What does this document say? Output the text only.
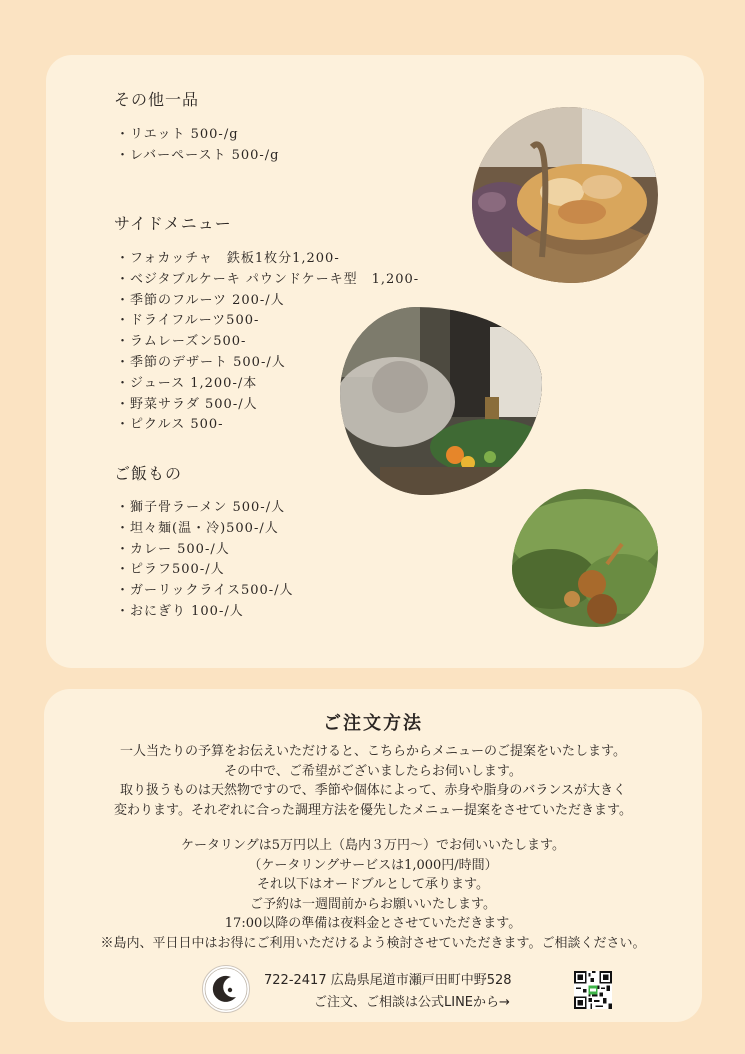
その他一品
・リエット 500-/g
・レバーペースト 500-/g
サイドメニュー
・フォカッチャ　鉄板1枚分1,200-
・ベジタブルケーキ パウンドケーキ型　1,200-
・季節のフルーツ 200-/人
・ドライフルーツ500-
・ラムレーズン500-
・季節のデザート 500-/人
・ジュース 1,200-/本
・野菜サラダ 500-/人
・ピクルス 500-
ご飯もの
・獅子骨ラーメン 500-/人
・坦々麺(温・冷)500-/人
・カレー 500-/人
・ピラフ500-/人
・ガーリックライス500-/人
・おにぎり 100-/人
ご注文方法
一人当たりの予算をお伝えいただけると、こちらからメニューのご提案をいたします。
その中で、ご希望がございましたらお伺いします。
取り扱うものは天然物ですので、季節や個体によって、赤身や脂身のバランスが大きく
変わります。それぞれに合った調理方法を優先したメニュー提案をさせていただきます。
ケータリングは5万円以上（島内３万円～）でお伺いいたします。
（ケータリングサービスは1,000円/時間）
それ以下はオードブルとして承ります。
ご予約は一週間前からお願いいたします。
17:00以降の準備は夜料金とさせていただきます。
※島内、平日日中はお得にご利用いただけるよう検討させていただきます。ご相談ください。
722-2417 広島県尾道市瀬戸田町中野528
ご注文、ご相談は公式LINEから→
